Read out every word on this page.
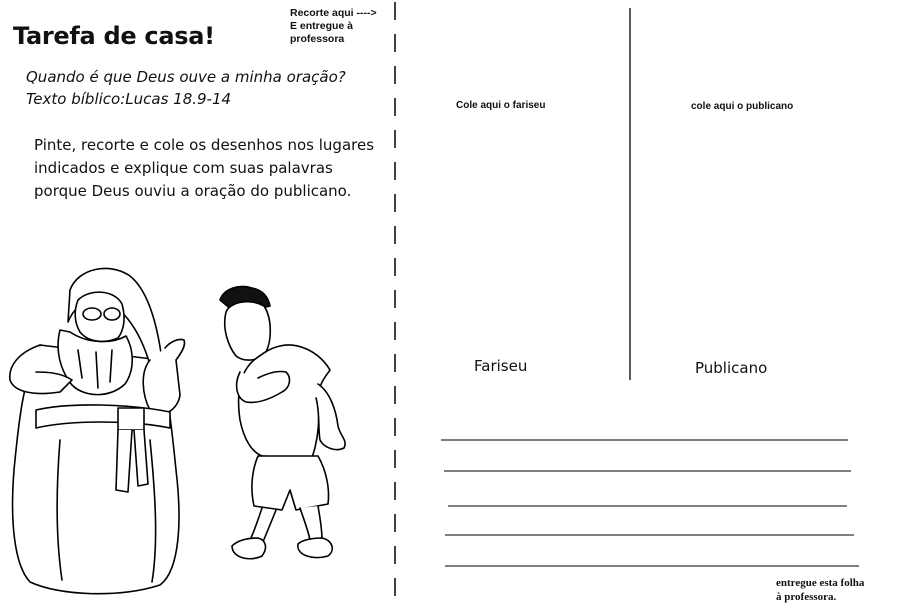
Tarefa de casa!
Recorte aqui ---->
E entregue à
professora
Quando é que Deus ouve a minha oração?
Texto bíblico:Lucas 18.9-14
Pinte, recorte e cole os desenhos nos lugares indicados e explique com suas palavras porque Deus ouviu a oração do publicano.
Cole aqui o fariseu	cole aqui o publicano
Fariseu	Publicano
entregue esta folha
à professora.
